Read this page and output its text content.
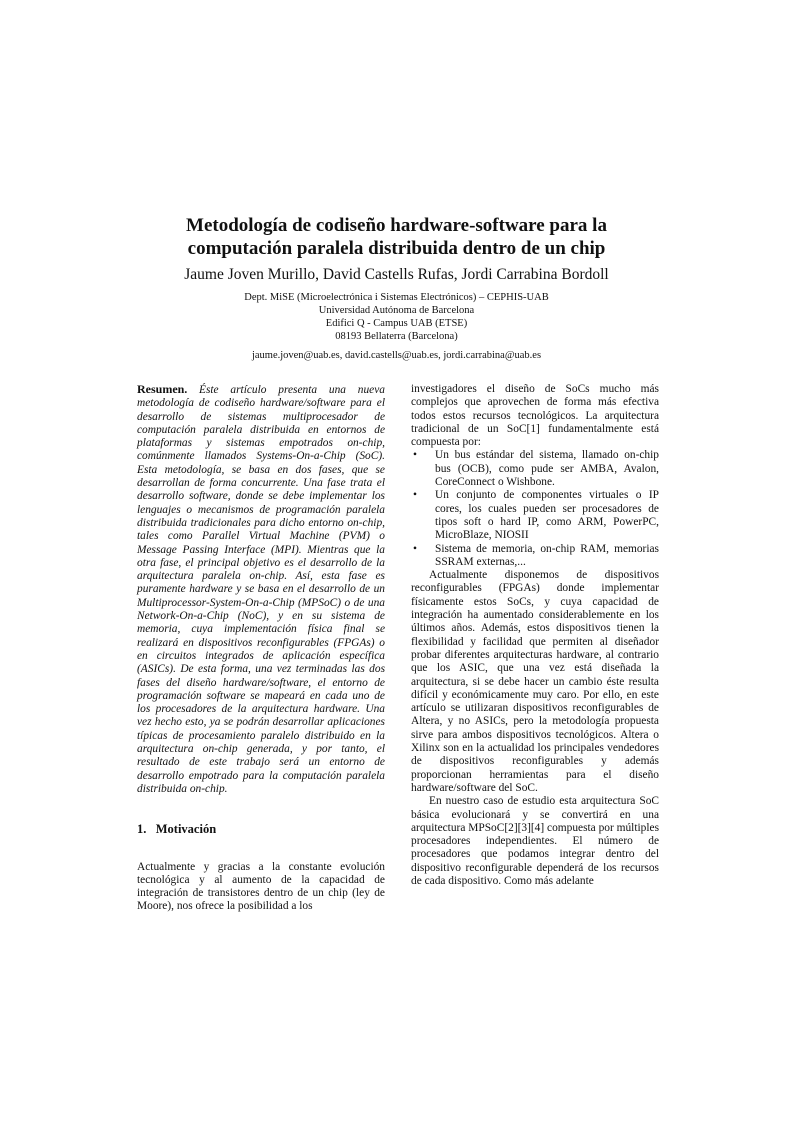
Metodología de codiseño hardware-software para la
computación paralela distribuida dentro de un chip
Jaume Joven Murillo, David Castells Rufas, Jordi Carrabina Bordoll
Dept. MiSE (Microelectrónica i Sistemas Electrónicos) – CEPHIS-UAB
Universidad Autónoma de Barcelona
Edifici Q - Campus UAB (ETSE)
08193 Bellaterra (Barcelona)
jaume.joven@uab.es, david.castells@uab.es, jordi.carrabina@uab.es

Resumen. Éste artículo presenta una nueva metodología de codiseño hardware/software para el desarrollo de sistemas multiprocesador de computación paralela distribuida en entornos de plataformas y sistemas empotrados on-chip, comúnmente llamados Systems-On-a-Chip (SoC). Esta metodología, se basa en dos fases, que se desarrollan de forma concurrente. Una fase trata el desarrollo software, donde se debe implementar los lenguajes o mecanismos de programación paralela distribuida tradicionales para dicho entorno on-chip, tales como Parallel Virtual Machine (PVM) o Message Passing Interface (MPI). Mientras que la otra fase, el principal objetivo es el desarrollo de la arquitectura paralela on-chip. Así, esta fase es puramente hardware y se basa en el desarrollo de un Multiprocessor-System-On-a-Chip (MPSoC) o de una Network-On-a-Chip (NoC), y en su sistema de memoria, cuya implementación física final se realizará en dispositivos reconfigurables (FPGAs) o en circuitos integrados de aplicación específica (ASICs). De esta forma, una vez terminadas las dos fases del diseño hardware/software, el entorno de programación software se mapeará en cada uno de los procesadores de la arquitectura hardware. Una vez hecho esto, ya se podrán desarrollar aplicaciones típicas de procesamiento paralelo distribuido en la arquitectura on-chip generada, y por tanto, el resultado de este trabajo será un entorno de desarrollo empotrado para la computación paralela distribuida on-chip.

1.  Motivación

Actualmente y gracias a la constante evolución tecnológica y al aumento de la capacidad de integración de transistores dentro de un chip (ley de Moore), nos ofrece la posibilidad a los

investigadores el diseño de SoCs mucho más complejos que aprovechen de forma más efectiva todos estos recursos tecnológicos. La arquitectura tradicional de un SoC[1] fundamentalmente está compuesta por:

• Un bus estándar del sistema, llamado on-chip bus (OCB), como pude ser AMBA, Avalon, CoreConnect o Wishbone.
• Un conjunto de componentes virtuales o IP cores, los cuales pueden ser procesadores de tipos soft o hard IP, como ARM, PowerPC, MicroBlaze, NIOSII
• Sistema de memoria, on-chip RAM, memorias SSRAM externas,...

Actualmente disponemos de dispositivos reconfigurables (FPGAs) donde implementar físicamente estos SoCs, y cuya capacidad de integración ha aumentado considerablemente en los últimos años. Además, estos dispositivos tienen la flexibilidad y facilidad que permiten al diseñador probar diferentes arquitecturas hardware, al contrario que los ASIC, que una vez está diseñada la arquitectura, si se debe hacer un cambio éste resulta difícil y económicamente muy caro. Por ello, en este artículo se utilizaran dispositivos reconfigurables de Altera, y no ASICs, pero la metodología propuesta sirve para ambos dispositivos tecnológicos. Altera o Xilinx son en la actualidad los principales vendedores de dispositivos reconfigurables y además proporcionan herramientas para el diseño hardware/software del SoC.

En nuestro caso de estudio esta arquitectura SoC básica evolucionará y se convertirá en una arquitectura MPSoC[2][3][4] compuesta por múltiples procesadores independientes. El número de procesadores que podamos integrar dentro del dispositivo reconfigurable dependerá de los recursos de cada dispositivo. Como más adelante
